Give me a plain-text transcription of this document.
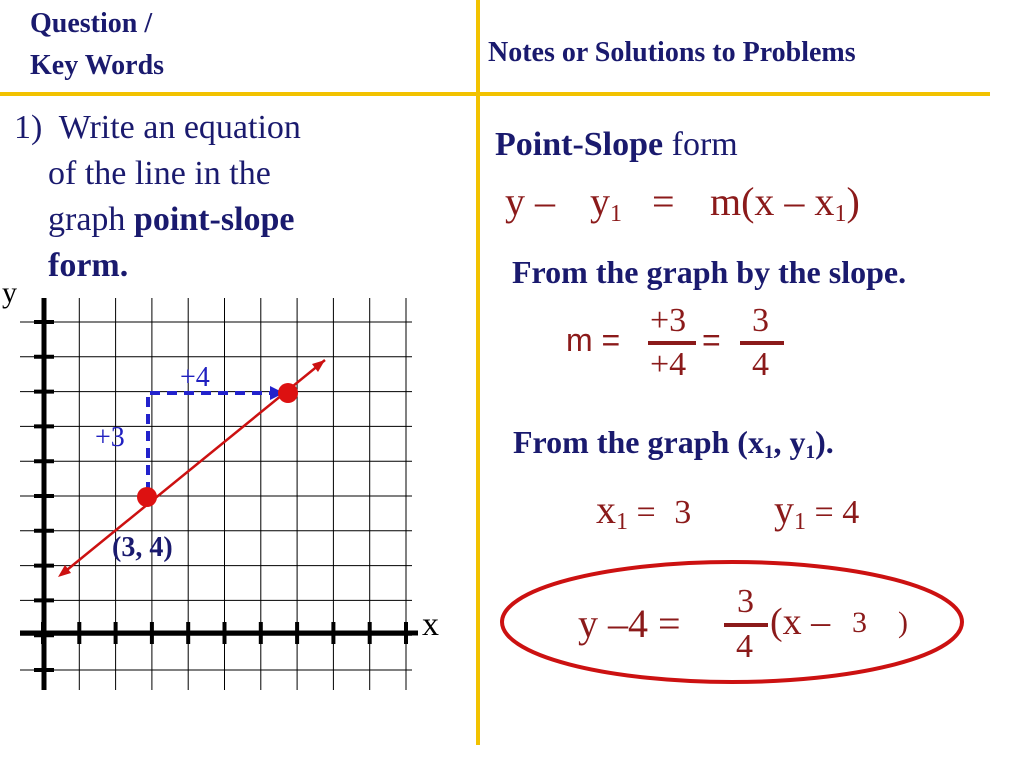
Question /
Key Words	Notes or Solutions to Problems
1) Write an equation
of the line in the
graph point-slope
form.
y
x
+3
+4
(3, 4)
Point-Slope form
$y - y_1 = m(x - x_1)$
From the graph by the slope.
m =
+3
+4
=
3
4
From the graph ($x_1$, $y_1$).
$x_1 = 3$ $y_1 = 4$
y –4 = 3
4
(x – 3 )
